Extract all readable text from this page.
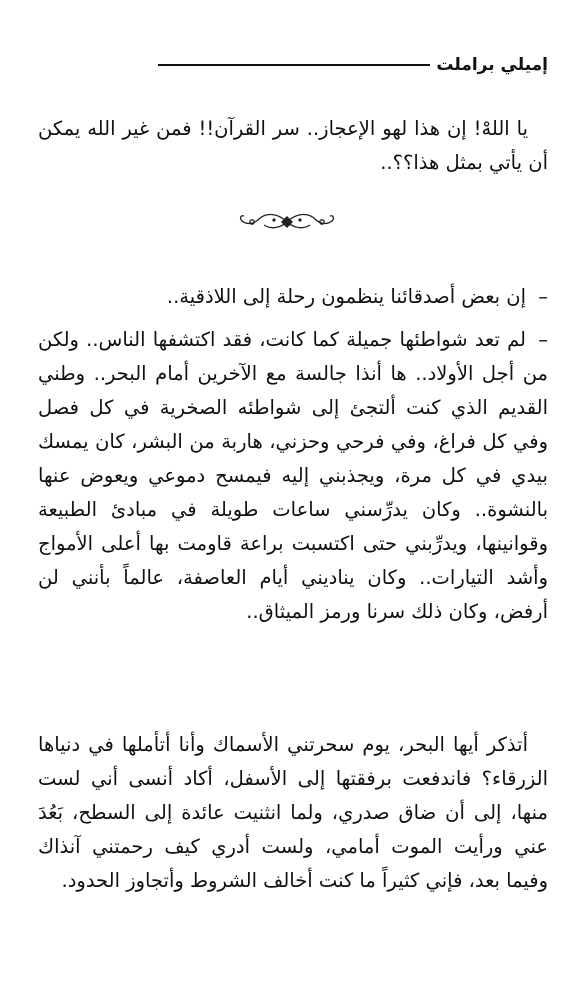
إميلي براملت

يا اللهْ! إن هذا لهو الإعجاز.. سر القرآن!! فمن غير الله يمكن أن يأتي بمثل هذا؟؟..

–إن بعض أصدقائنا ينظمون رحلة إلى اللاذقية..

–لم تعد شواطئها جميلة كما كانت، فقد اكتشفها الناس.. ولكن من أجل الأولاد.. ها أنذا جالسة مع الآخرين أمام البحر.. وطني القديم الذي كنت ألتجئ إلى شواطئه الصخرية في كل فصل وفي كل فراغ، وفي فرحي وحزني، هاربة من البشر، كان يمسك بيدي في كل مرة، ويجذبني إليه فيمسح دموعي ويعوض عنها بالنشوة.. وكان يدرِّسني ساعات طويلة في مبادئ الطبيعة وقوانينها، ويدرِّبني حتى اكتسبت براعة قاومت بها أعلى الأمواج وأشد التيارات.. وكان يناديني أيام العاصفة، عالماً بأنني لن أرفض، وكان ذلك سرنا ورمز الميثاق..

أتذكر أيها البحر، يوم سحرتني الأسماك وأنا أتأملها في دنياها الزرقاء؟ فاندفعت برفقتها إلى الأسفل، أكاد أنسى أني لست منها، إلى أن ضاق صدري، ولما انثنيت عائدة إلى السطح، بَعُدَ عني ورأيت الموت أمامي، ولست أدري كيف رحمتني آنذاك وفيما بعد، فإني كثيراً ما كنت أخالف الشروط وأتجاوز الحدود.
